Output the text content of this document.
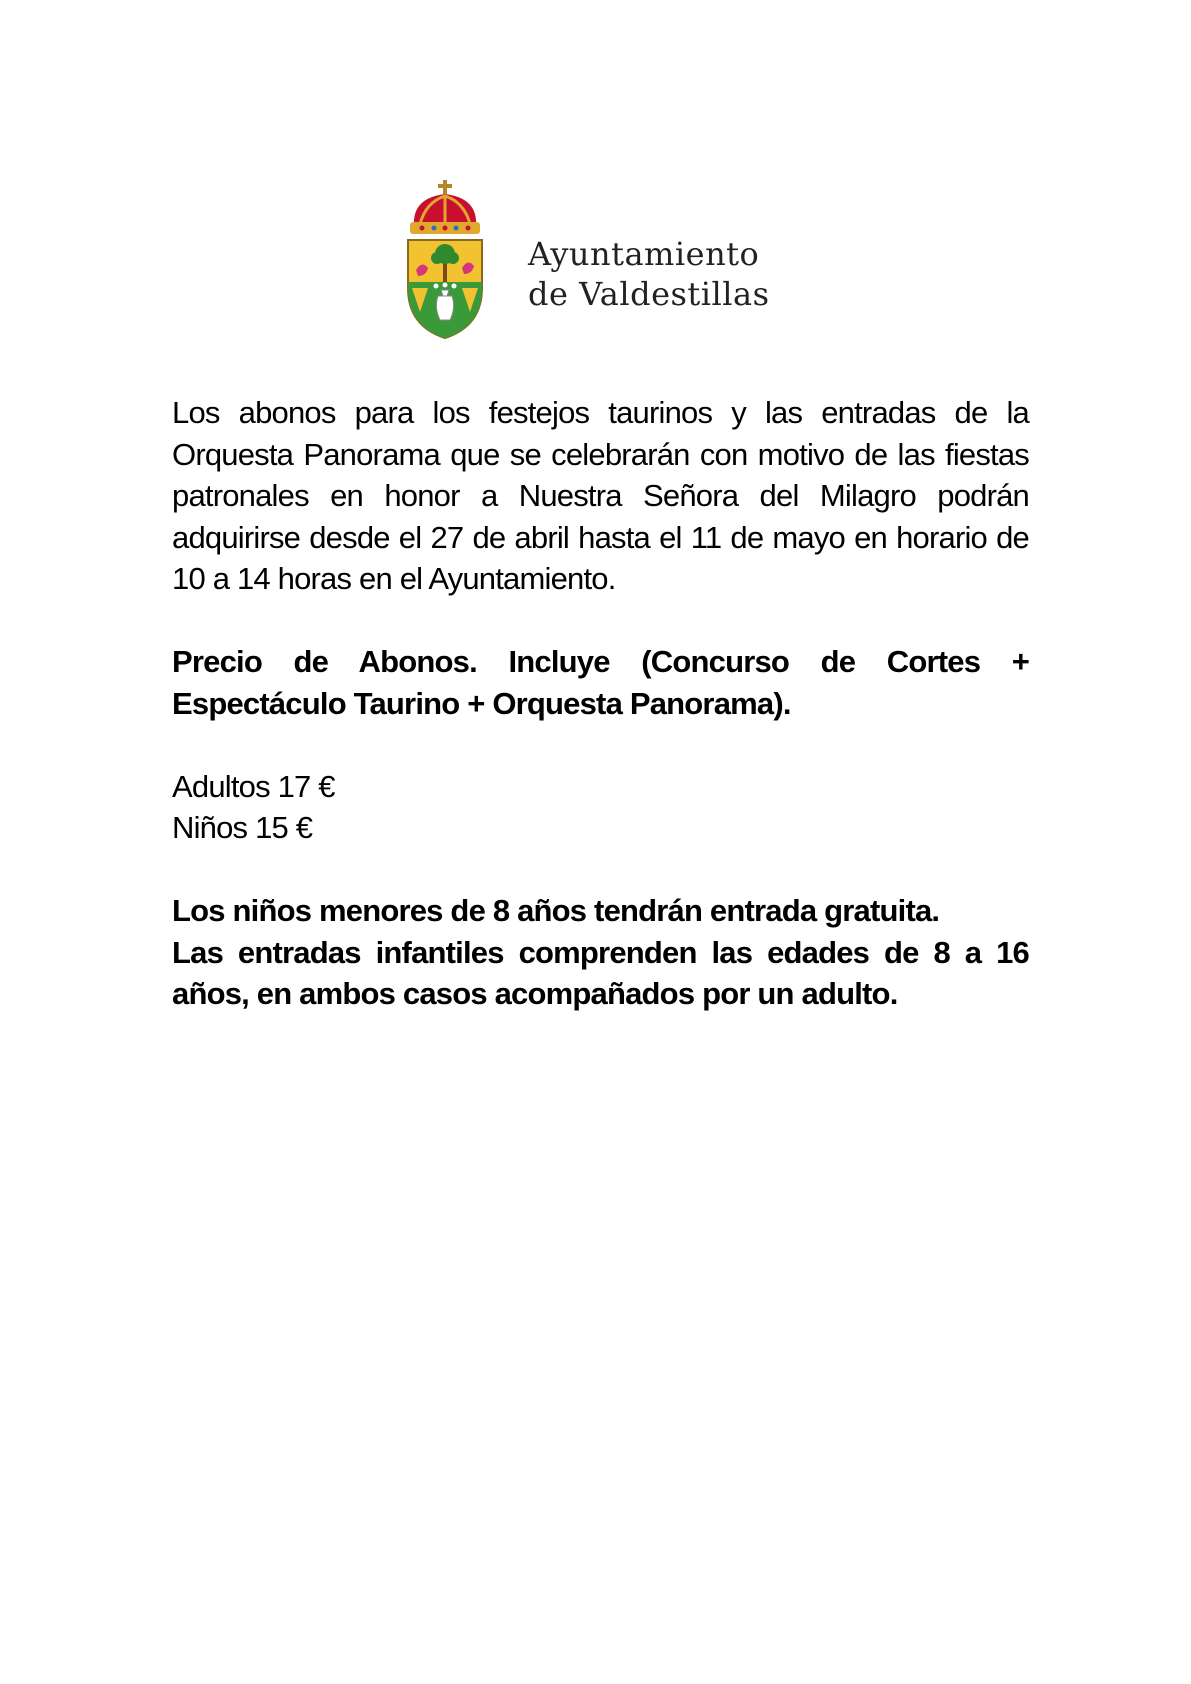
Ayuntamiento
de Valdestillas

Los abonos para los festejos taurinos y las entradas de la Orquesta Panorama que se celebrarán con motivo de las fiestas patronales en honor a Nuestra Señora del Milagro podrán adquirirse desde el 27 de abril hasta el 11 de mayo en horario de 10 a 14 horas en el Ayuntamiento.

Precio de Abonos. Incluye (Concurso de Cortes + Espectáculo Taurino + Orquesta Panorama).

Adultos 17 €

Niños 15 €

Los niños menores de 8 años tendrán entrada gratuita.

Las entradas infantiles comprenden las edades de 8 a 16 años, en ambos casos acompañados por un adulto.
